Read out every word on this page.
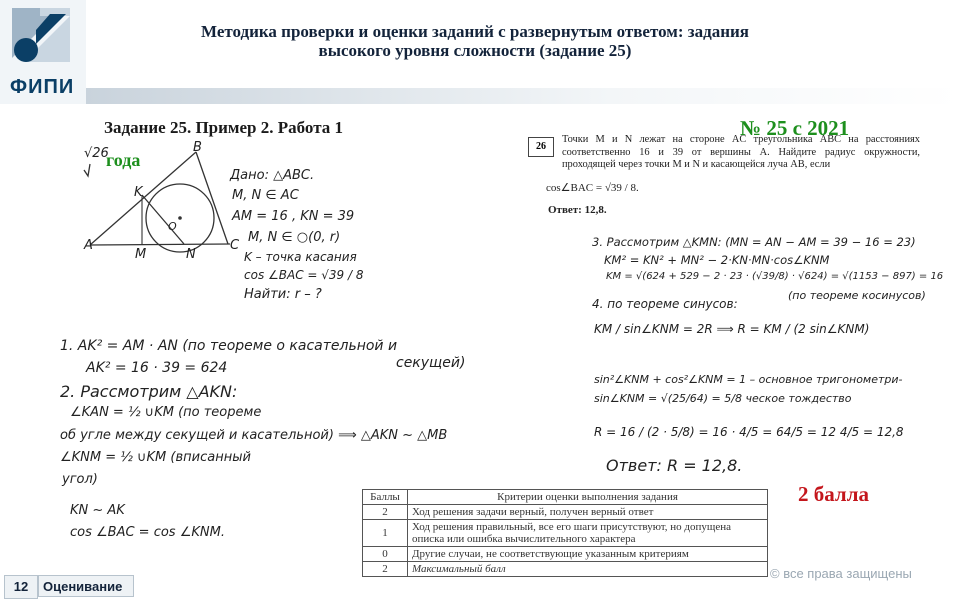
ФИПИ
Методика проверки и оценки заданий с развернутым ответом: задания
высокого уровня сложности (задание 25)
Задание 25. Пример 2. Работа 1	№ 25 с 2021
года
√26	B
K
A
M	N
C
O
Дано: △ABC.
M, N ∈ AC
AM = 16 , KN = 39
M, N ∈ ○(0, r)
K – точка касания
cos ∠BAC = √39 / 8
Найти: r – ?
1. AK² = AM · AN (по теореме о касательной и
секущей)
AK² = 16 · 39 = 624
2. Рассмотрим △AKN:
∠KAN = ½ ∪KM (по теореме
об угле между секущей и касательной) ⟹ △AKN ~ △MB
∠KNM = ½ ∪KM (вписанный
угол)
KN ~ AK
cos ∠BAC = cos ∠KNM.
26
Точки M и N лежат на стороне AC треугольника ABC на расстояниях соответственно 16 и 39 от вершины A. Найдите радиус окружности, проходящей через точки M и N и касающейся луча AB, если
cos∠BAC = √39 / 8.
Ответ: 12,8.
3. Рассмотрим △KMN: (MN = AN − AM = 39 − 16 = 23)
KM² = KN² + MN² − 2·KN·MN·cos∠KNM
KM = √(624 + 529 − 2 · 23 · (√39/8) · √624) = √(1153 − 897) = 16
(по теореме косинусов)
4. по теореме синусов:
KM / sin∠KNM = 2R ⟹ R = KM / (2 sin∠KNM)
sin²∠KNM + cos²∠KNM = 1 – основное тригонометри-
sin∠KNM = √(25/64) = 5/8 ческое тождество
R = 16 / (2 · 5/8) = 16 · 4/5 = 64/5 = 12 4/5 = 12,8
Ответ: R = 12,8.
Баллы	Критерии оценки выполнения задания
2	Ход решения задачи верный, получен верный ответ
1	Ход решения правильный, все его шаги присутствуют, но допущена описка или ошибка вычислительного характера
0	Другие случаи, не соответствующие указанным критериям
2	Максимальный балл
2 балла
12	Оценивание
© все права защищены
